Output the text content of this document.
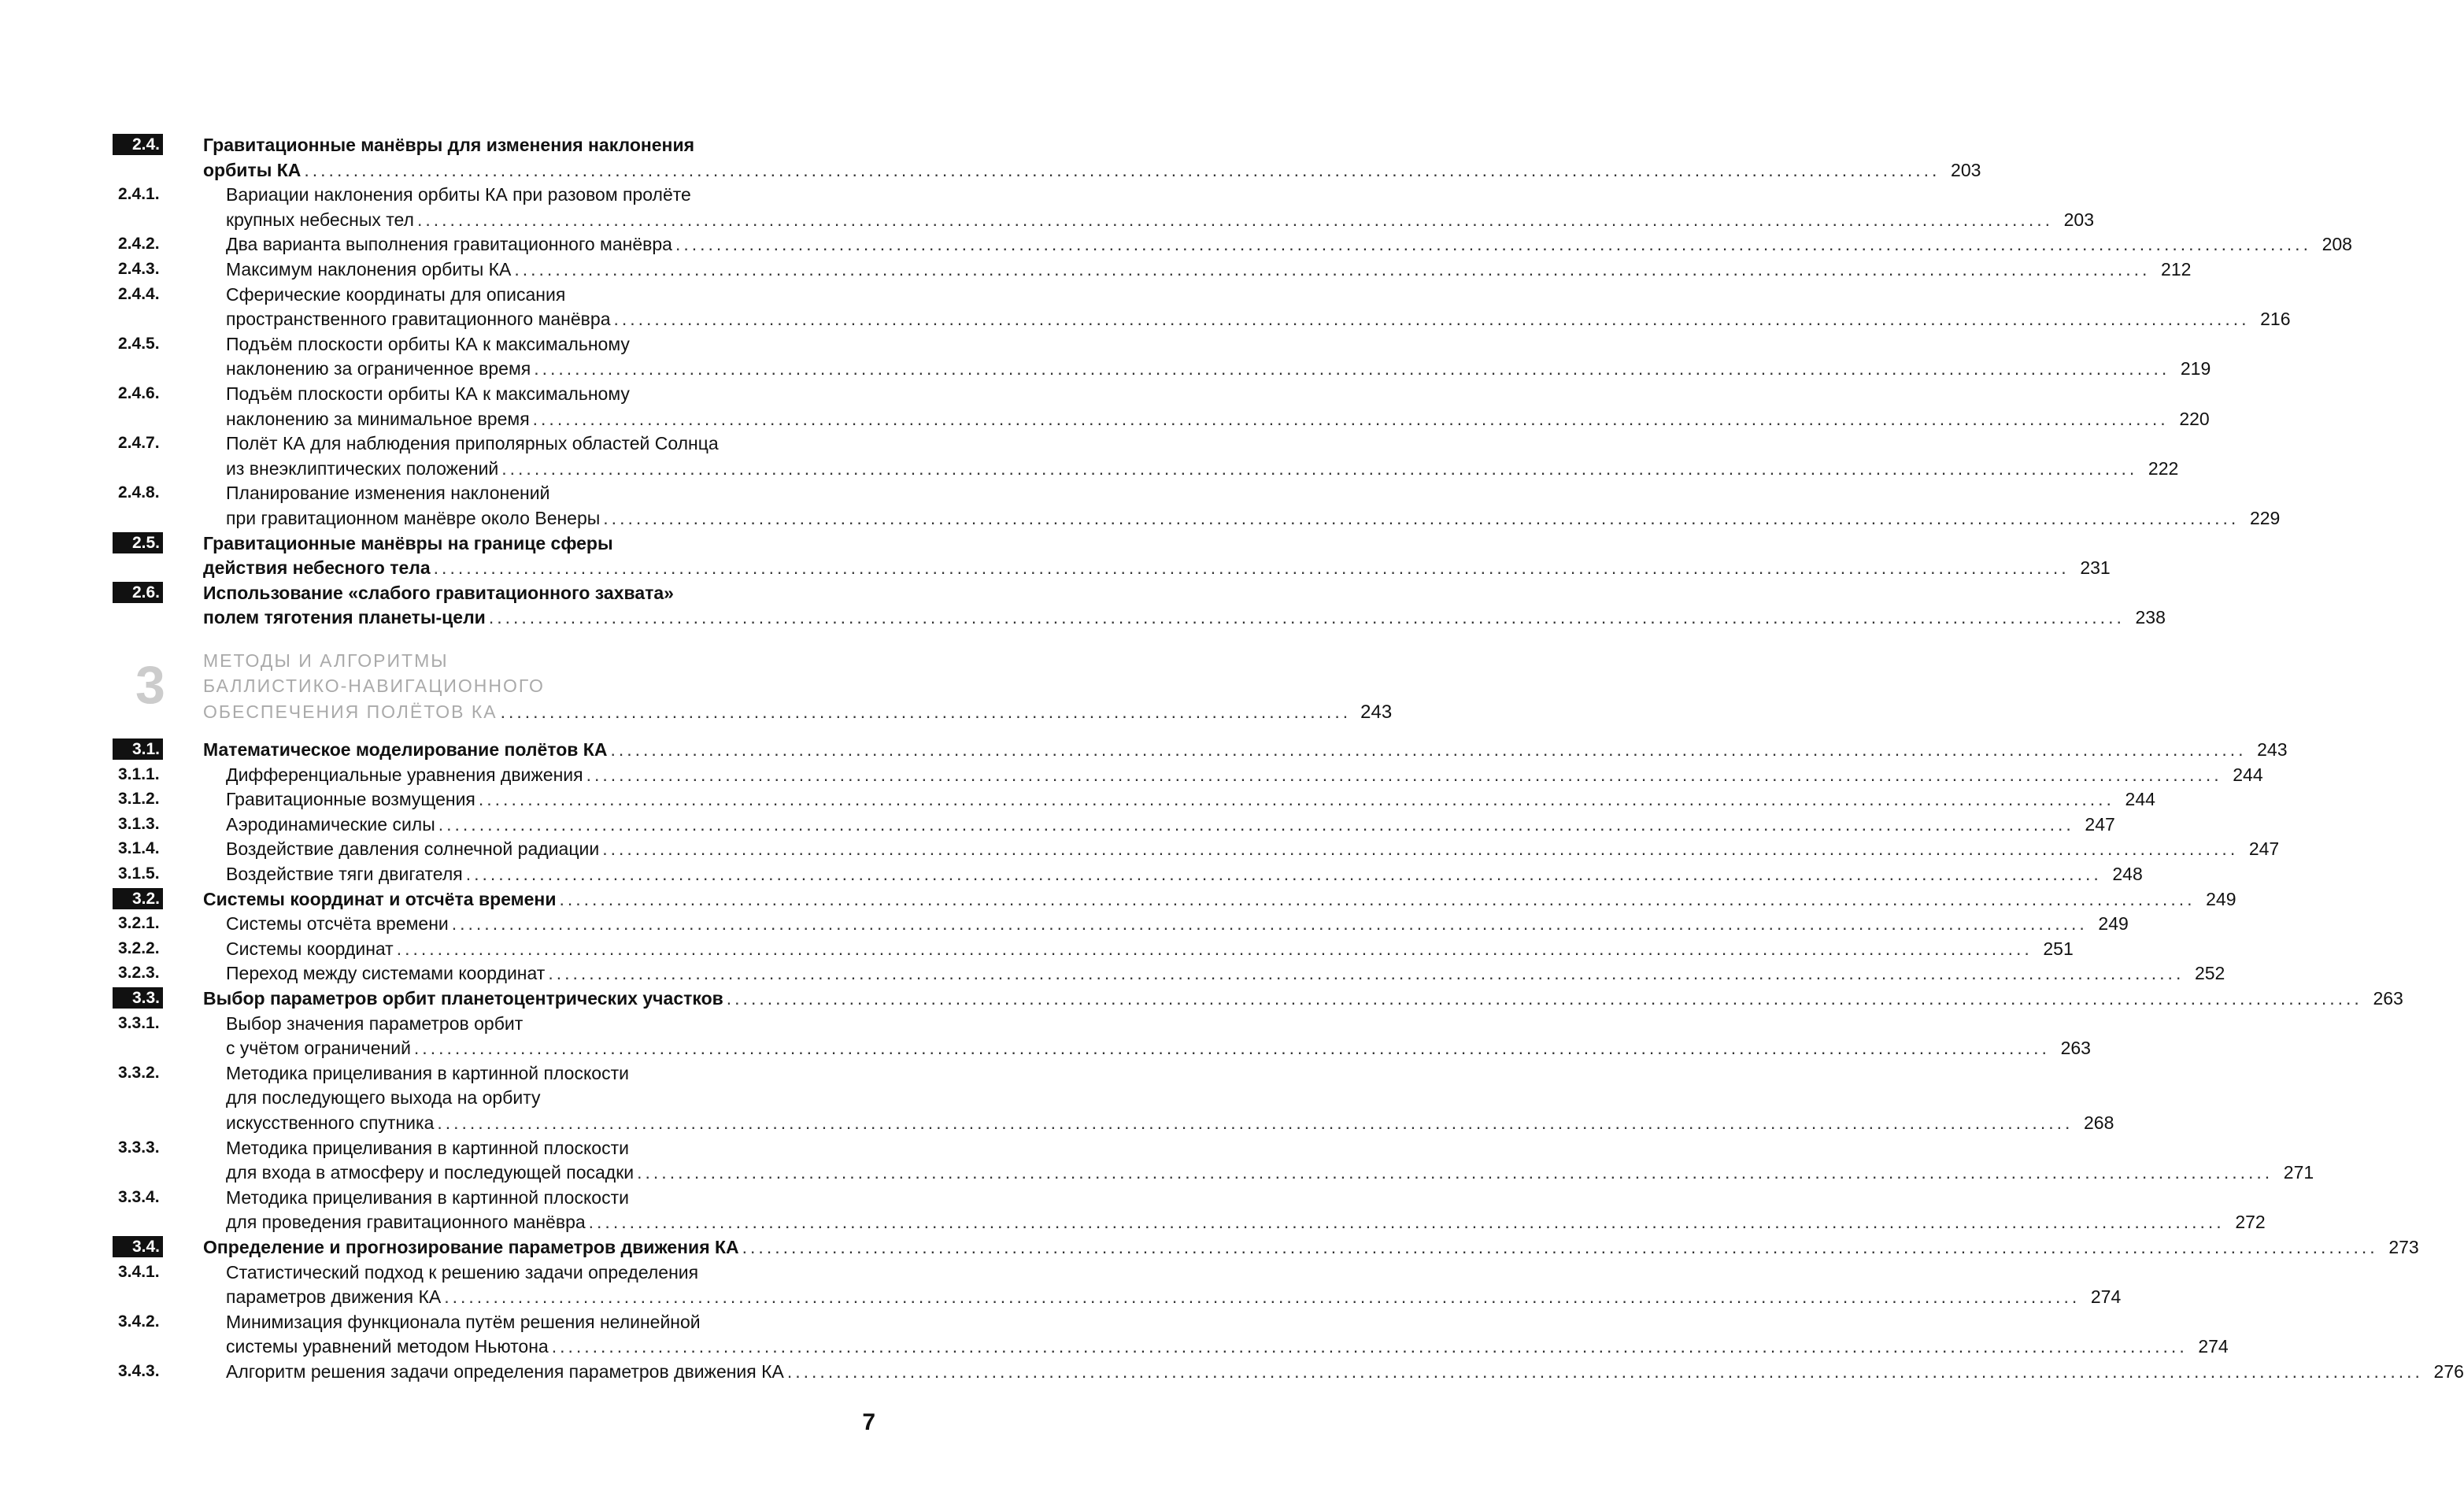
2.4. Гравитационные манёвры для изменения наклонения
орбиты КА ........................................................................................................................................................................................................ 203
2.4.1.	Вариации наклонения орбиты КА при разовом пролёте
крупных небесных тел ........................................................................................................................................................................................................ 203
2.4.2.	Два варианта выполнения гравитационного манёвра ........................................................................................................................................................................................................ 208
2.4.3.	Максимум наклонения орбиты КА ........................................................................................................................................................................................................ 212
2.4.4.	Сферические координаты для описания
пространственного гравитационного манёвра ........................................................................................................................................................................................................ 216
2.4.5.	Подъём плоскости орбиты КА к максимальному
наклонению за ограниченное время ........................................................................................................................................................................................................ 219
2.4.6.	Подъём плоскости орбиты КА к максимальному
наклонению за минимальное время ........................................................................................................................................................................................................ 220
2.4.7.	Полёт КА для наблюдения приполярных областей Солнца
из внеэклиптических положений ........................................................................................................................................................................................................ 222
2.4.8.	Планирование изменения наклонений
при гравитационном манёвре около Венеры ........................................................................................................................................................................................................ 229
2.5. Гравитационные манёвры на границе сферы
действия небесного тела ........................................................................................................................................................................................................ 231
2.6. Использование «слабого гравитационного захвата»
полем тяготения планеты-цели ........................................................................................................................................................................................................ 238
3.1. Математическое моделирование полётов КА ........................................................................................................................................................................................................ 243
3.1.1.	Дифференциальные уравнения движения ........................................................................................................................................................................................................ 244
3.1.2.	Гравитационные возмущения ........................................................................................................................................................................................................ 244
3.1.3.	Аэродинамические силы ........................................................................................................................................................................................................ 247
3.1.4.	Воздействие давления солнечной радиации ........................................................................................................................................................................................................ 247
3.1.5.	Воздействие тяги двигателя ........................................................................................................................................................................................................ 248
3.2. Системы координат и отсчёта времени ........................................................................................................................................................................................................ 249
3.2.1.	Системы отсчёта времени ........................................................................................................................................................................................................ 249
3.2.2.	Системы координат ........................................................................................................................................................................................................ 251
3.2.3.	Переход между системами координат ........................................................................................................................................................................................................ 252
3.3. Выбор параметров орбит планетоцентрических участков ........................................................................................................................................................................................................ 263
3.3.1.	Выбор значения параметров орбит
с учётом ограничений ........................................................................................................................................................................................................ 263
3.3.2.	Методика прицеливания в картинной плоскости
для последующего выхода на орбиту
искусственного спутника ........................................................................................................................................................................................................ 268
3.3.3.	Методика прицеливания в картинной плоскости
для входа в атмосферу и последующей посадки ........................................................................................................................................................................................................ 271
3.3.4.	Методика прицеливания в картинной плоскости
для проведения гравитационного манёвра ........................................................................................................................................................................................................ 272
3.4. Определение и прогнозирование параметров движения КА ........................................................................................................................................................................................................ 273
3.4.1.	Статистический подход к решению задачи определения
параметров движения КА ........................................................................................................................................................................................................ 274
3.4.2.	Минимизация функционала путём решения нелинейной
системы уравнений методом Ньютона ........................................................................................................................................................................................................ 274
3.4.3.	Алгоритм решения задачи определения параметров движения КА ........................................................................................................................................................................................................ 276
3 МЕТОДЫ И АЛГОРИТМЫ
БАЛЛИСТИКО-НАВИГАЦИОННОГО
ОБЕСПЕЧЕНИЯ ПОЛЁТОВ КА ........................................................................................................ 243
7
